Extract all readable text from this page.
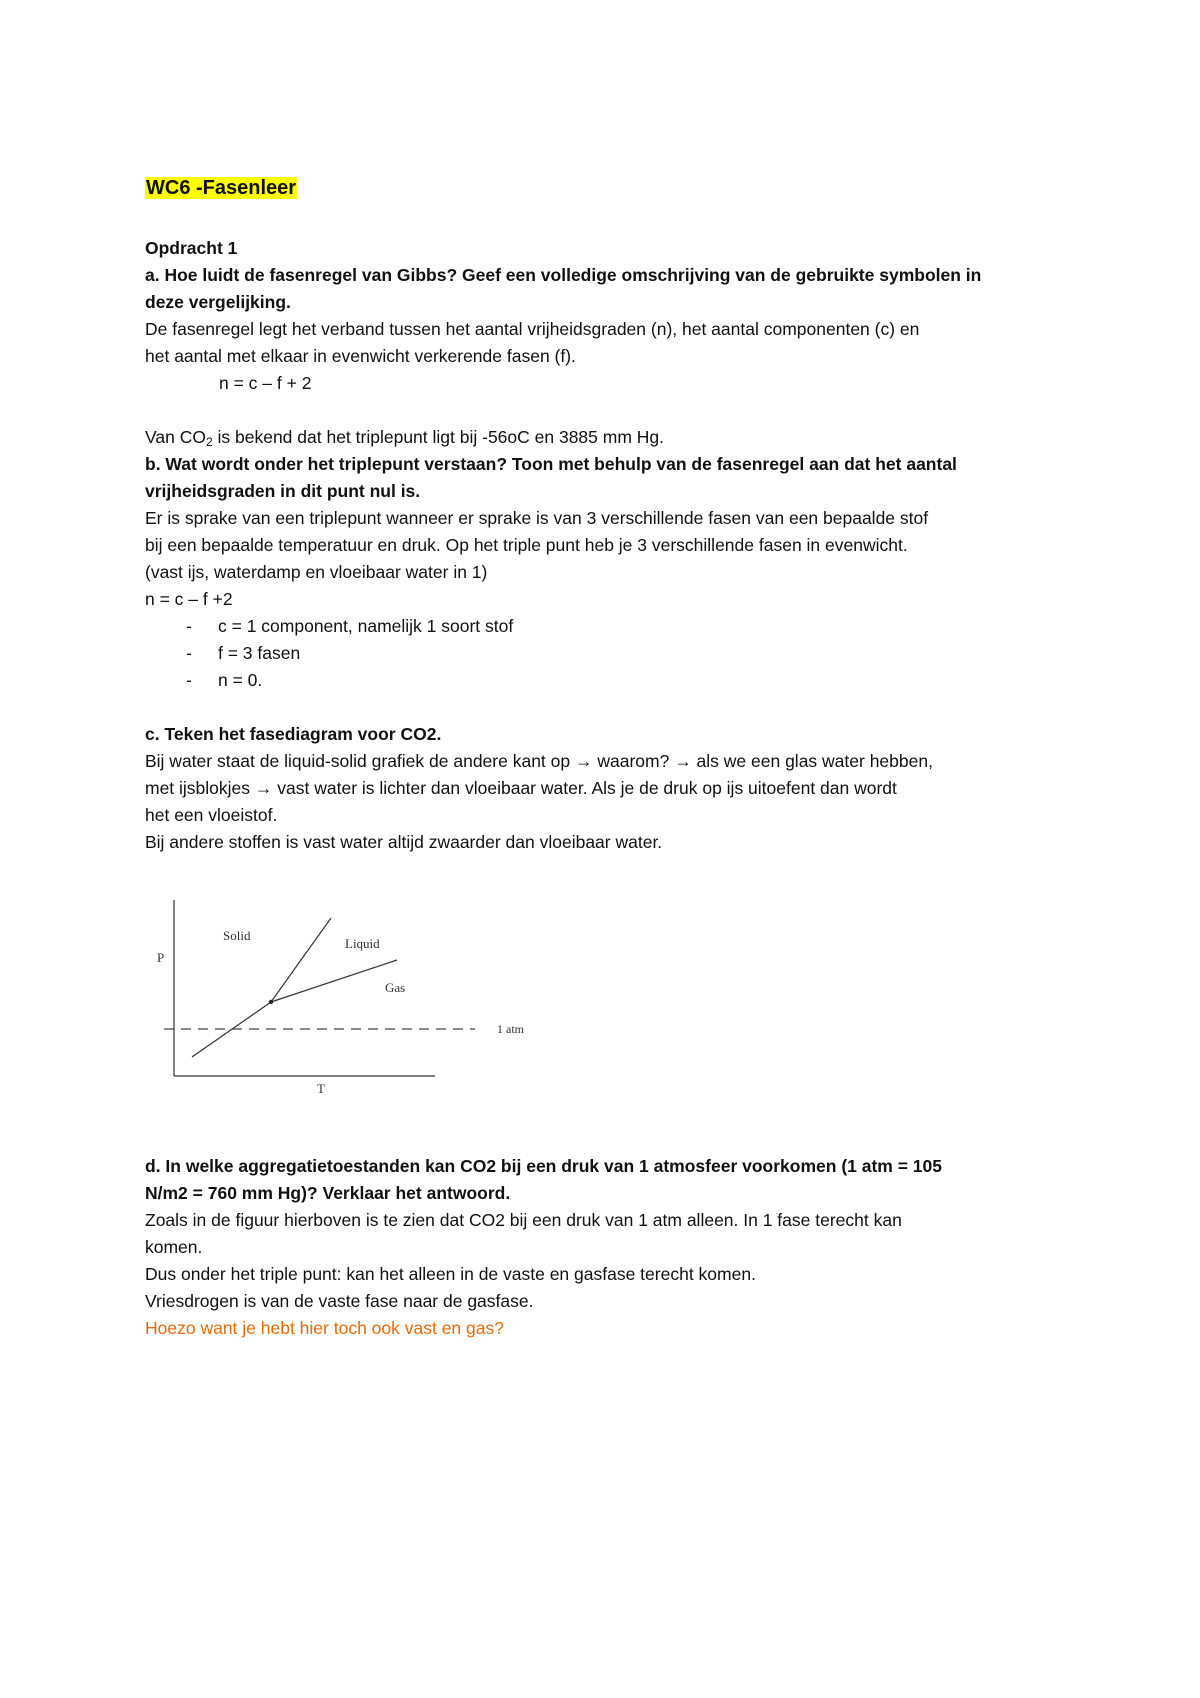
WC6 -Fasenleer
Opdracht 1
a. Hoe luidt de fasenregel van Gibbs? Geef een volledige omschrijving van de gebruikte symbolen in
deze vergelijking.
De fasenregel legt het verband tussen het aantal vrijheidsgraden (n), het aantal componenten (c) en
het aantal met elkaar in evenwicht verkerende fasen (f).
n = c – f + 2
Van $CO_2$ is bekend dat het triplepunt ligt bij -56oC en 3885 mm Hg.
b. Wat wordt onder het triplepunt verstaan? Toon met behulp van de fasenregel aan dat het aantal
vrijheidsgraden in dit punt nul is.
Er is sprake van een triplepunt wanneer er sprake is van 3 verschillende fasen van een bepaalde stof
bij een bepaalde temperatuur en druk. Op het triple punt heb je 3 verschillende fasen in evenwicht.
(vast ijs, waterdamp en vloeibaar water in 1)
n = c – f +2
- c = 1 component, namelijk 1 soort stof
- f = 3 fasen
- n = 0.
c. Teken het fasediagram voor CO2.
Bij water staat de liquid-solid grafiek de andere kant op → waarom? → als we een glas water hebben,
met ijsblokjes → vast water is lichter dan vloeibaar water. Als je de druk op ijs uitoefent dan wordt
het een vloeistof.
Bij andere stoffen is vast water altijd zwaarder dan vloeibaar water.
P
T
Solid
Liquid
Gas
1 atm
d. In welke aggregatietoestanden kan CO2 bij een druk van 1 atmosfeer voorkomen (1 atm = 105
N/m2 = 760 mm Hg)? Verklaar het antwoord.
Zoals in de figuur hierboven is te zien dat CO2 bij een druk van 1 atm alleen. In 1 fase terecht kan
komen.
Dus onder het triple punt: kan het alleen in de vaste en gasfase terecht komen.
Vriesdrogen is van de vaste fase naar de gasfase.
Hoezo want je hebt hier toch ook vast en gas?
